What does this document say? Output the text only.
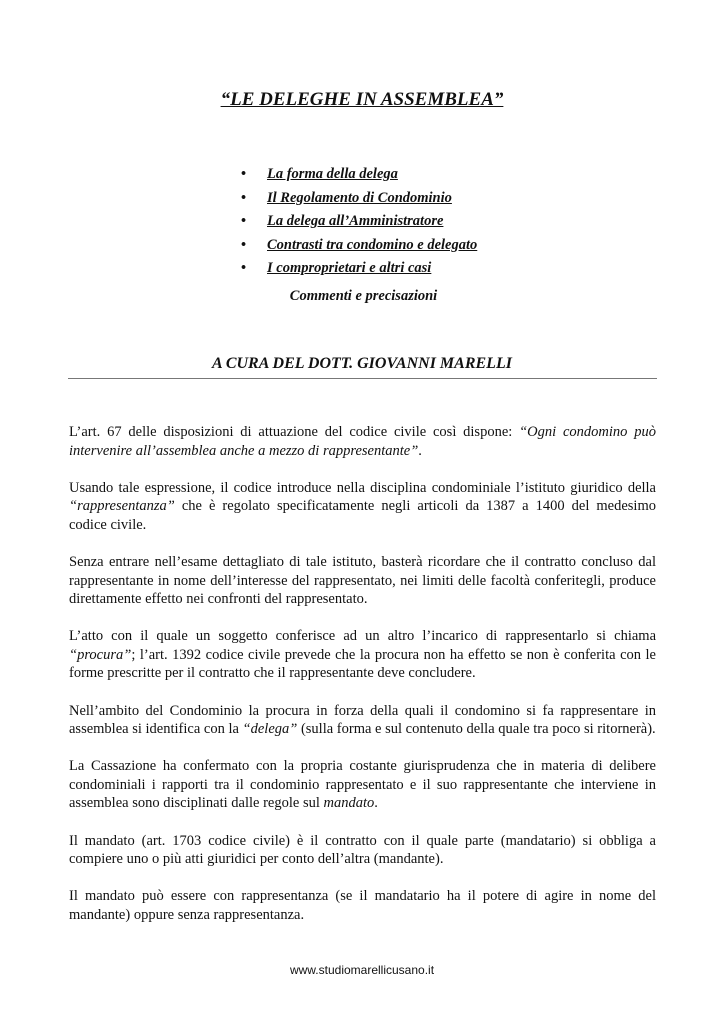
“LE DELEGHE IN ASSEMBLEA”
• La forma della delega
• Il Regolamento di Condominio
• La delega all’Amministratore
• Contrasti tra condomino e delegato
• I comproprietari e altri casi
Commenti e precisazioni
A CURA DEL DOTT. GIOVANNI MARELLI

L’art. 67 delle disposizioni di attuazione del codice civile così dispone: “Ogni condomino può intervenire all’assemblea anche a mezzo di rappresentante”.

Usando tale espressione, il codice introduce nella disciplina condominiale l’istituto giuridico della “rappresentanza” che è regolato specificatamente negli articoli da 1387 a 1400 del medesimo codice civile.

Senza entrare nell’esame dettagliato di tale istituto, basterà ricordare che il contratto concluso dal rappresentante in nome dell’interesse del rappresentato, nei limiti delle facoltà conferitegli, produce direttamente effetto nei confronti del rappresentato.

L’atto con il quale un soggetto conferisce ad un altro l’incarico di rappresentarlo si chiama “procura”; l’art. 1392 codice civile prevede che la procura non ha effetto se non è conferita con le forme prescritte per il contratto che il rappresentante deve concludere.

Nell’ambito del Condominio la procura in forza della quali il condomino si fa rappresentare in assemblea si identifica con la “delega” (sulla forma e sul contenuto della quale tra poco si ritornerà).

La Cassazione ha confermato con la propria costante giurisprudenza che in materia di delibere condominiali i rapporti tra il condominio rappresentato e il suo rappresentante che interviene in assemblea sono disciplinati dalle regole sul mandato.

Il mandato (art. 1703 codice civile) è il contratto con il quale parte (mandatario) si obbliga a compiere uno o più atti giuridici per conto dell’altra (mandante).

Il mandato può essere con rappresentanza (se il mandatario ha il potere di agire in nome del mandante) oppure senza rappresentanza.

www.studiomarellicusano.it
